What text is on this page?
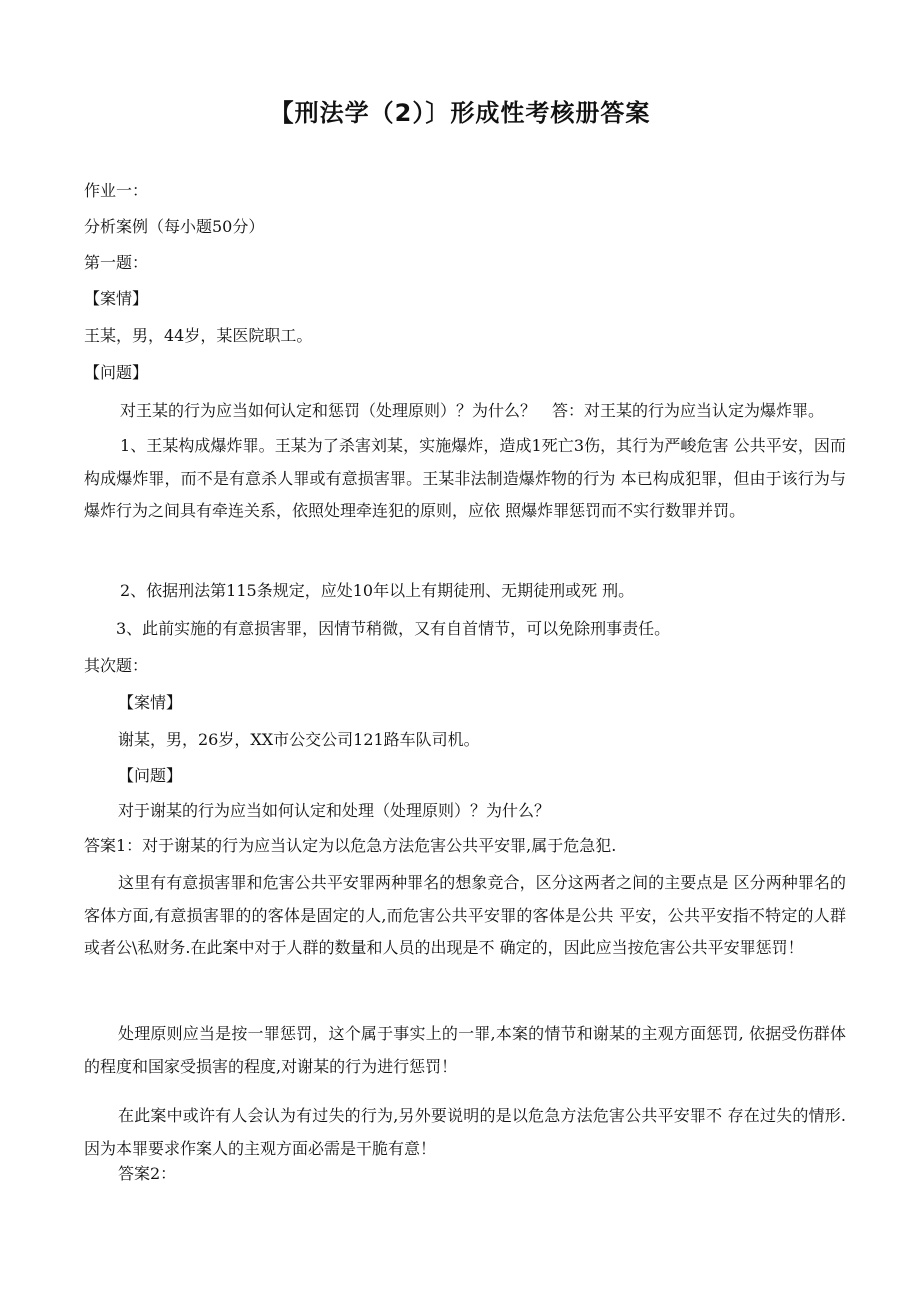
【刑法学（2）〕形成性考核册答案
作业一：
分析案例（每小题50分）
第一题：
【案情】
王某，男，44岁，某医院职工。
【问题】
对王某的行为应当如何认定和惩罚（处理原则）？为什么？　答：对王某的行为应当认定为爆炸罪。
1、王某构成爆炸罪。王某为了杀害刘某，实施爆炸，造成1死亡3伤，其行为严峻危害 公共平安，因而构成爆炸罪，而不是有意杀人罪或有意损害罪。王某非法制造爆炸物的行为 本已构成犯罪，但由于该行为与爆炸行为之间具有牵连关系，依照处理牵连犯的原则，应依 照爆炸罪惩罚而不实行数罪并罚。
2、依据刑法第115条规定，应处10年以上有期徒刑、无期徒刑或死 刑。
3、此前实施的有意损害罪，因情节稍微，又有自首情节，可以免除刑事责任。
其次题：
【案情】
谢某，男，26岁，XX市公交公司121路车队司机。
【问题】
对于谢某的行为应当如何认定和处理（处理原则）？为什么？
答案1：对于谢某的行为应当认定为以危急方法危害公共平安罪,属于危急犯.
这里有有意损害罪和危害公共平安罪两种罪名的想象竞合，区分这两者之间的主要点是 区分两种罪名的客体方面,有意损害罪的的客体是固定的人,而危害公共平安罪的客体是公共 平安，公共平安指不特定的人群或者公\私财务.在此案中对于人群的数量和人员的出现是不 确定的，因此应当按危害公共平安罪惩罚！
处理原则应当是按一罪惩罚，这个属于事实上的一罪,本案的情节和谢某的主观方面惩罚, 依据受伤群体的程度和国家受损害的程度,对谢某的行为进行惩罚！
在此案中或许有人会认为有过失的行为,另外要说明的是以危急方法危害公共平安罪不 存在过失的情形.因为本罪要求作案人的主观方面必需是干脆有意！
答案2：
